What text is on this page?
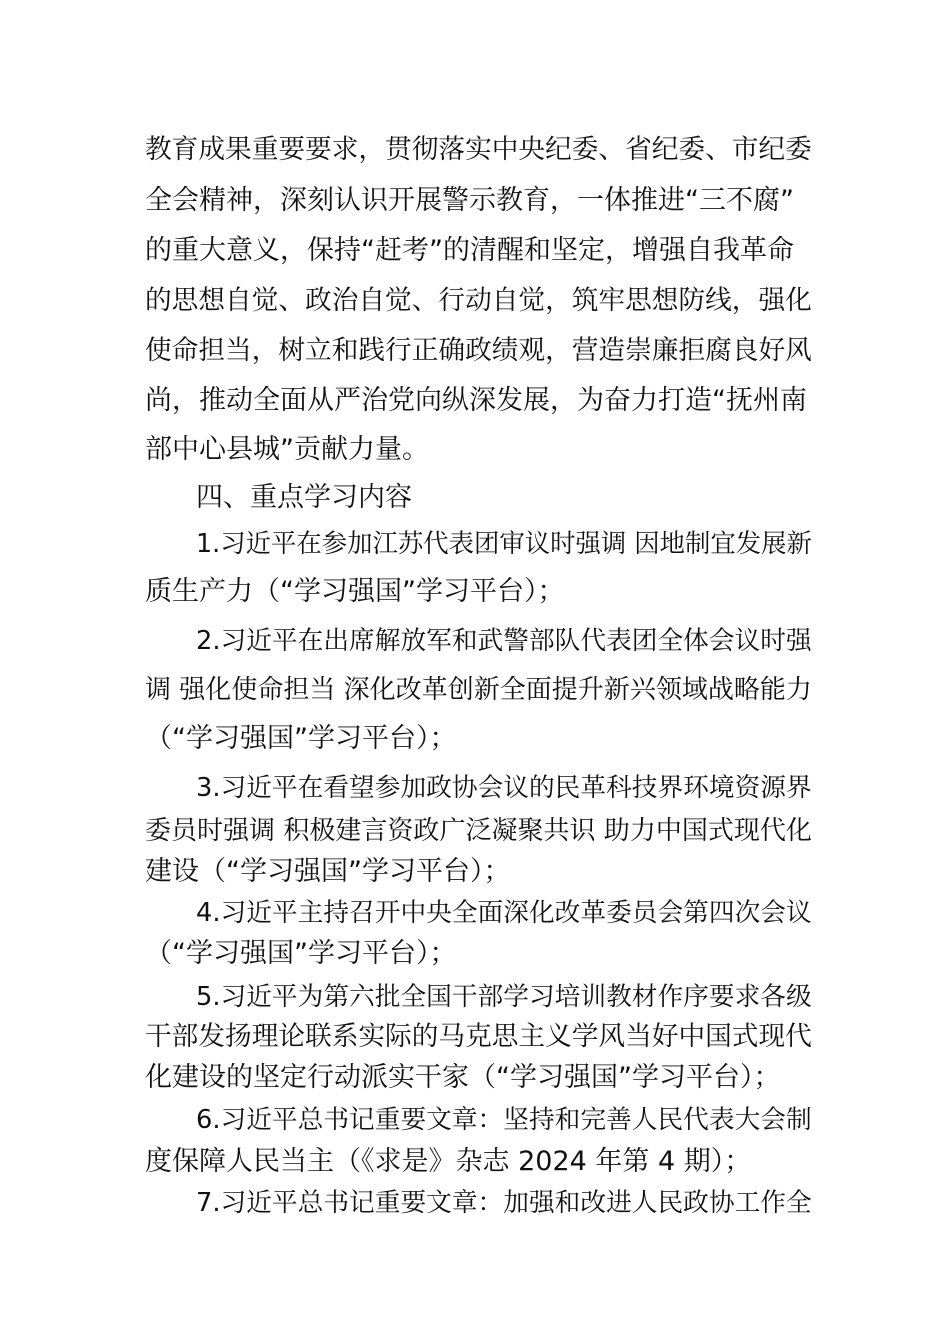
教育成果重要要求，贯彻落实中央纪委、省纪委、市纪委
全会精神，深刻认识开展警示教育，一体推进“三不腐”
的重大意义，保持“赶考”的清醒和坚定，增强自我革命
的思想自觉、政治自觉、行动自觉，筑牢思想防线，强化
使命担当，树立和践行正确政绩观，营造崇廉拒腐良好风
尚，推动全面从严治党向纵深发展，为奋力打造“抚州南
部中心县城”贡献力量。
四、重点学习内容
1.习近平在参加江苏代表团审议时强调 因地制宜发展新
质生产力（“学习强国”学习平台）；
2.习近平在出席解放军和武警部队代表团全体会议时强
调 强化使命担当 深化改革创新全面提升新兴领域战略能力
（“学习强国”学习平台）；
3.习近平在看望参加政协会议的民革科技界环境资源界
委员时强调 积极建言资政广泛凝聚共识 助力中国式现代化
建设（“学习强国”学习平台）；
4.习近平主持召开中央全面深化改革委员会第四次会议
（“学习强国”学习平台）；
5.习近平为第六批全国干部学习培训教材作序要求各级
干部发扬理论联系实际的马克思主义学风当好中国式现代
化建设的坚定行动派实干家（“学习强国”学习平台）；
6.习近平总书记重要文章：坚持和完善人民代表大会制
度保障人民当主（《求是》杂志 2024 年第 4 期）；
7.习近平总书记重要文章：加强和改进人民政协工作全
